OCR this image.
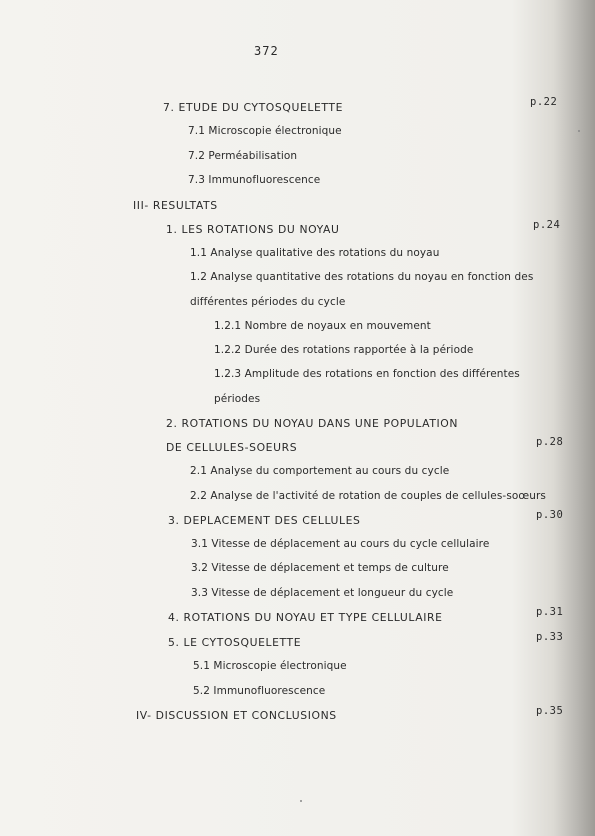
372
7. ETUDE DU CYTOSQUELETTE	p.22
7.1 Microscopie électronique
7.2 Perméabilisation
7.3 Immunofluorescence
III- RESULTATS
1. LES ROTATIONS DU NOYAU	p.24
1.1 Analyse qualitative des rotations du noyau
1.2 Analyse quantitative des rotations du noyau en fonction des
différentes périodes du cycle
1.2.1 Nombre de noyaux en mouvement
1.2.2 Durée des rotations rapportée à la période
1.2.3 Amplitude des rotations en fonction des différentes
périodes
2. ROTATIONS DU NOYAU DANS UNE POPULATION
DE CELLULES-SOEURS	p.28
2.1 Analyse du comportement au cours du cycle
2.2 Analyse de l'activité de rotation de couples de cellules-soœurs
3. DEPLACEMENT DES CELLULES	p.30
3.1 Vitesse de déplacement au cours du cycle cellulaire
3.2 Vitesse de déplacement et temps de culture
3.3 Vitesse de déplacement et longueur du cycle
4. ROTATIONS DU NOYAU ET TYPE CELLULAIRE	p.31
5. LE CYTOSQUELETTE	p.33
5.1 Microscopie électronique
5.2 Immunofluorescence
IV- DISCUSSION ET CONCLUSIONS	p.35
